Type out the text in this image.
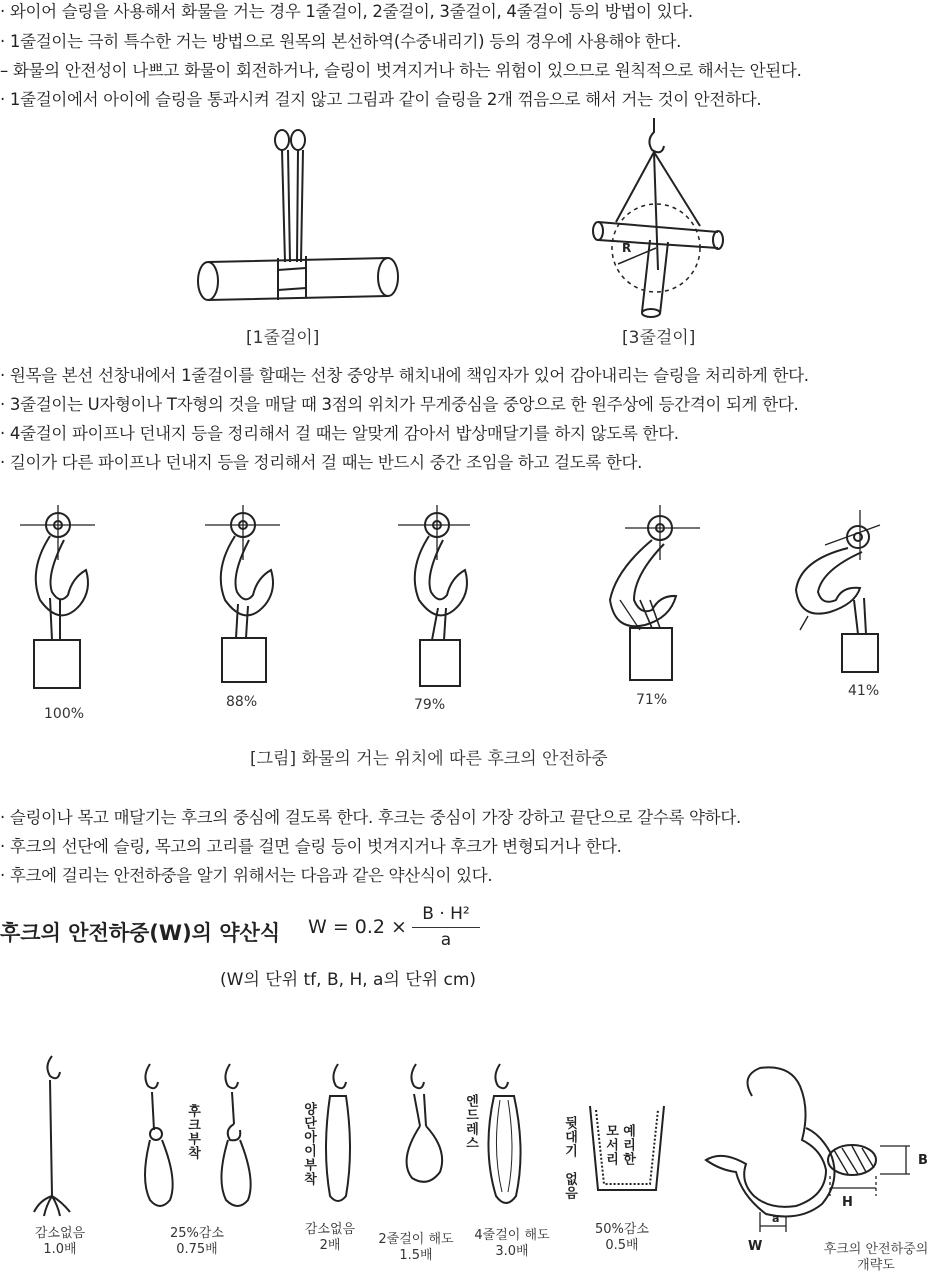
· 와이어 슬링을 사용해서 화물을 거는 경우 1줄걸이, 2줄걸이, 3줄걸이, 4줄걸이 등의 방법이 있다.
· 1줄걸이는 극히 특수한 거는 방법으로 원목의 본선하역(수중내리기) 등의 경우에 사용해야 한다.
– 화물의 안전성이 나쁘고 화물이 회전하거나, 슬링이 벗겨지거나 하는 위험이 있으므로 원칙적으로 해서는 안된다.
· 1줄걸이에서 아이에 슬링을 통과시켜 걸지 않고 그림과 같이 슬링을 2개 꺾음으로 해서 거는 것이 안전하다.
R
[1줄걸이]	[3줄걸이]
· 원목을 본선 선창내에서 1줄걸이를 할때는 선창 중앙부 해치내에 책임자가 있어 감아내리는 슬링을 처리하게 한다.
· 3줄걸이는 U자형이나 T자형의 것을 매달 때 3점의 위치가 무게중심을 중앙으로 한 원주상에 등간격이 되게 한다.
· 4줄걸이 파이프나 던내지 등을 정리해서 걸 때는 알맞게 감아서 밥상매달기를 하지 않도록 한다.
· 길이가 다른 파이프나 던내지 등을 정리해서 걸 때는 반드시 중간 조임을 하고 걸도록 한다.
100%
88%	79%	71%
41%
[그림] 화물의 거는 위치에 따른 후크의 안전하중
· 슬링이나 목고 매달기는 후크의 중심에 걸도록 한다. 후크는 중심이 가장 강하고 끝단으로 갈수록 약하다.
· 후크의 선단에 슬링, 목고의 고리를 걸면 슬링 등이 벗겨지거나 후크가 변형되거나 한다.
· 후크에 걸리는 안전하중을 알기 위해서는 다음과 같은 약산식이 있다.
후크의 안전하중(W)의 약산식 $W = 0.2 \times \frac{\text{B · H²}}{a}$
(W의 단위 tf, B, H, a의 단위 cm)
B
H
a
W
후크부착	양단아이부착	엔드레스	뒷대기
없음
예리한
모서리
감소없음
1.0배
25%감소
0.75배
감소없음
2배	2줄걸이 해도
1.5배
4줄걸이 해도
3.0배
50%감소
0.5배	후크의 안전하중의
개략도
